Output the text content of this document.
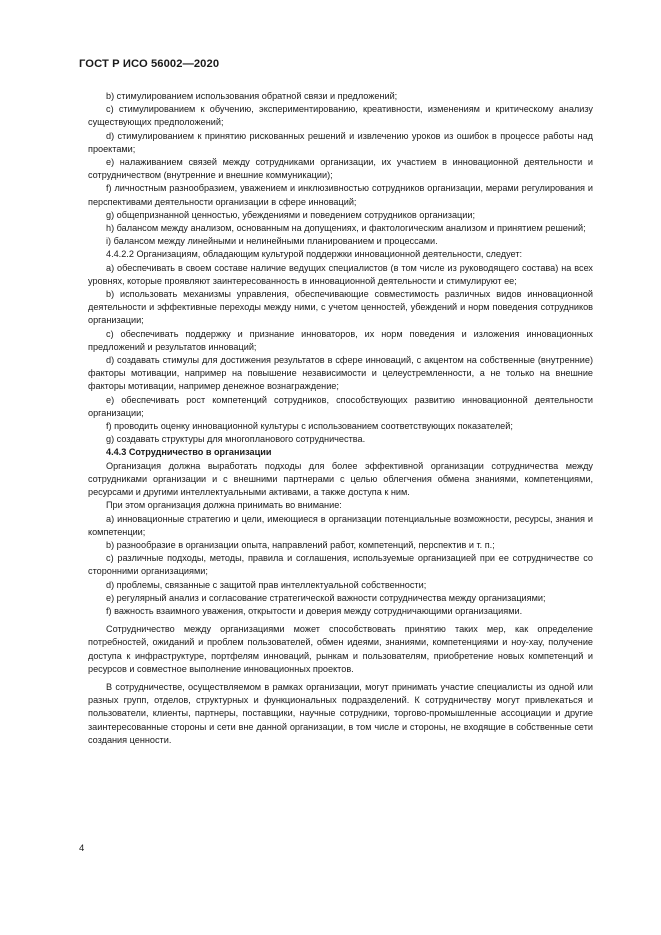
ГОСТ Р ИСО 56002—2020

b) стимулированием использования обратной связи и предложений;

c) стимулированием к обучению, экспериментированию, креативности, изменениям и критическому анализу существующих предположений;

d) стимулированием к принятию рискованных решений и извлечению уроков из ошибок в процессе работы над проектами;

e) налаживанием связей между сотрудниками организации, их участием в инновационной деятельности и сотрудничеством (внутренние и внешние коммуникации);

f) личностным разнообразием, уважением и инклюзивностью сотрудников организации, мерами регулирования и перспективами деятельности организации в сфере инноваций;

g) общепризнанной ценностью, убеждениями и поведением сотрудников организации;

h) балансом между анализом, основанным на допущениях, и фактологическим анализом и принятием решений;

i) балансом между линейными и нелинейными планированием и процессами.

4.4.2.2 Организациям, обладающим культурой поддержки инновационной деятельности, следует:

a) обеспечивать в своем составе наличие ведущих специалистов (в том числе из руководящего состава) на всех уровнях, которые проявляют заинтересованность в инновационной деятельности и стимулируют ее;

b) использовать механизмы управления, обеспечивающие совместимость различных видов инновационной деятельности и эффективные переходы между ними, с учетом ценностей, убеждений и норм поведения сотрудников организации;

c) обеспечивать поддержку и признание инноваторов, их норм поведения и изложения инновационных предложений и результатов инноваций;

d) создавать стимулы для достижения результатов в сфере инноваций, с акцентом на собственные (внутренние) факторы мотивации, например на повышение независимости и целеустремленности, а не только на внешние факторы мотивации, например денежное вознаграждение;

e) обеспечивать рост компетенций сотрудников, способствующих развитию инновационной деятельности организации;

f) проводить оценку инновационной культуры с использованием соответствующих показателей;

g) создавать структуры для многопланового сотрудничества.

4.4.3 Сотрудничество в организации

Организация должна выработать подходы для более эффективной организации сотрудничества между сотрудниками организации и с внешними партнерами с целью облегчения обмена знаниями, компетенциями, ресурсами и другими интеллектуальными активами, а также доступа к ним.

При этом организация должна принимать во внимание:

a) инновационные стратегию и цели, имеющиеся в организации потенциальные возможности, ресурсы, знания и компетенции;

b) разнообразие в организации опыта, направлений работ, компетенций, перспектив и т. п.;

c) различные подходы, методы, правила и соглашения, используемые организацией при ее сотрудничестве со сторонними организациями;

d) проблемы, связанные с защитой прав интеллектуальной собственности;

e) регулярный анализ и согласование стратегической важности сотрудничества между организациями;

f) важность взаимного уважения, открытости и доверия между сотрудничающими организациями.

Сотрудничество между организациями может способствовать принятию таких мер, как определение потребностей, ожиданий и проблем пользователей, обмен идеями, знаниями, компетенциями и ноу-хау, получение доступа к инфраструктуре, портфелям инноваций, рынкам и пользователям, приобретение новых компетенций и ресурсов и совместное выполнение инновационных проектов.

В сотрудничестве, осуществляемом в рамках организации, могут принимать участие специалисты из одной или разных групп, отделов, структурных и функциональных подразделений. К сотрудничеству могут привлекаться и пользователи, клиенты, партнеры, поставщики, научные сотрудники, торгово-промышленные ассоциации и другие заинтересованные стороны и сети вне данной организации, в том числе и стороны, не входящие в собственные сети создания ценности.

4
